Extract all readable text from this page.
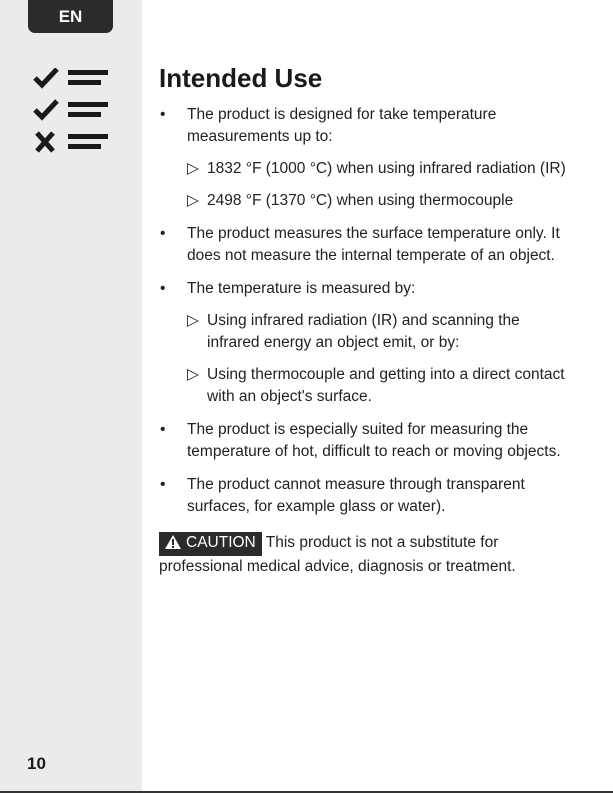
EN
10
Intended Use
• The product is designed for take temperature measurements up to:
▷ 1832 °F (1000 °C) when using infrared radiation (IR)
▷ 2498 °F (1370 °C) when using thermocouple
• The product measures the surface temperature only. It does not measure the internal temperate of an object.
• The temperature is measured by:
▷ Using infrared radiation (IR) and scanning the infrared energy an object emit, or by:
▷ Using thermocouple and getting into a direct contact with an object's surface.
• The product is especially suited for measuring the temperature of hot, difficult to reach or moving objects.
• The product cannot measure through transparent surfaces, for example glass or water).
CAUTION This product is not a substitute for professional medical advice, diagnosis or treatment.
